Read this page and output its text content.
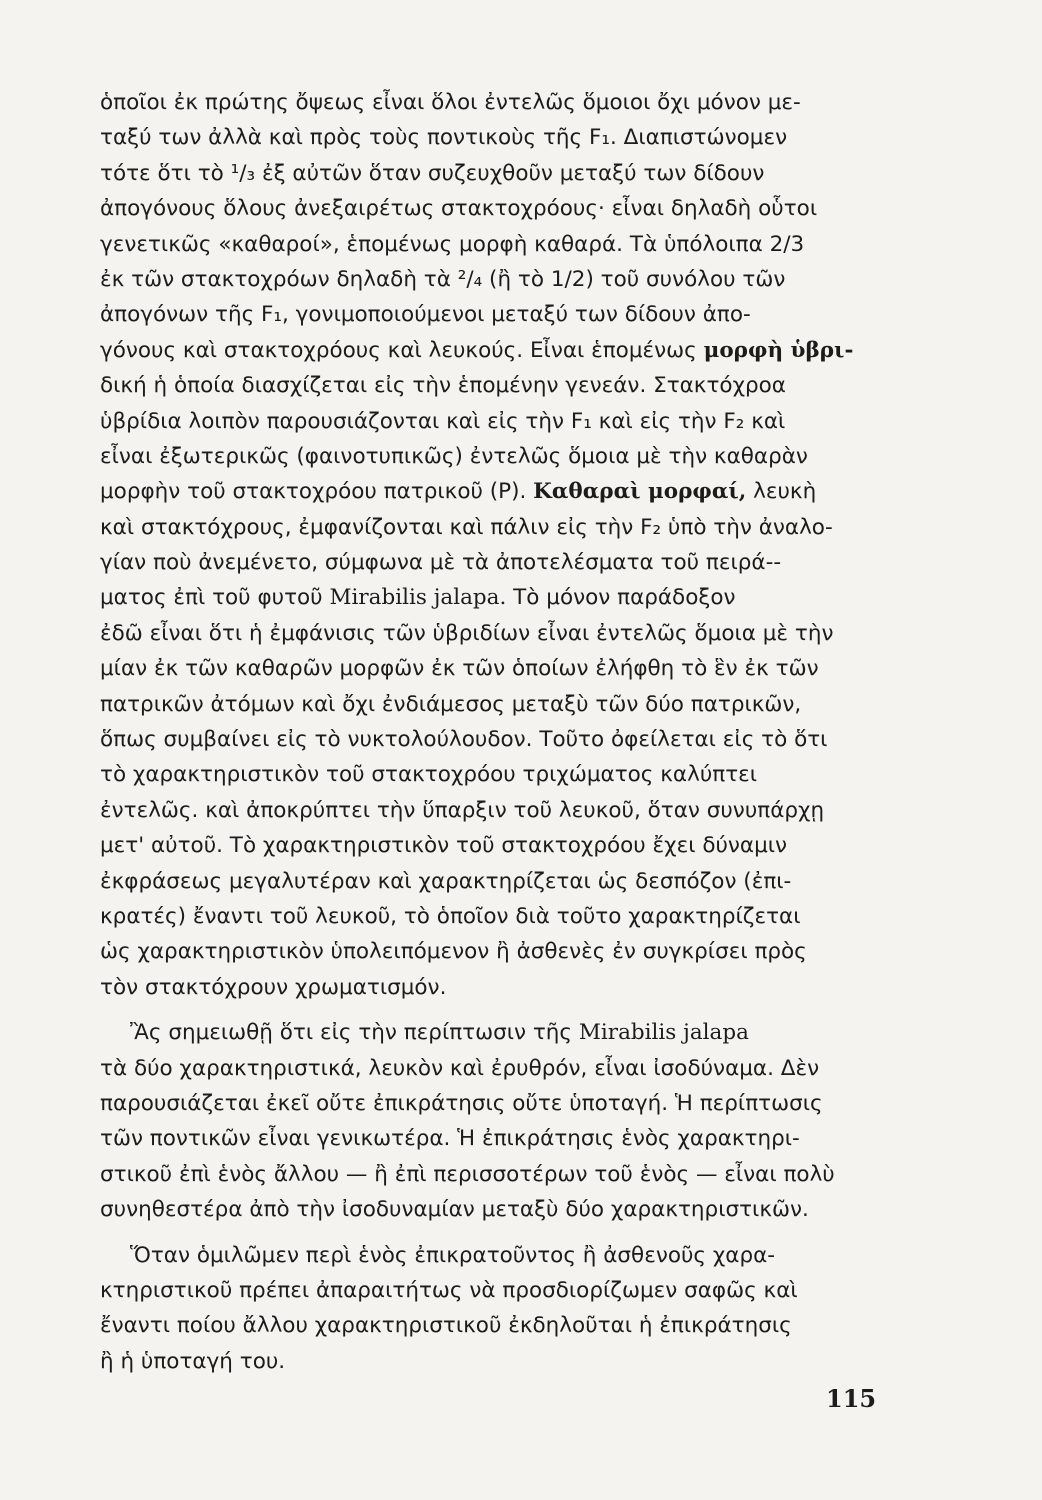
ὁποῖοι ἐκ πρώτης ὄψεως εἶναι ὅλοι ἐντελῶς ὅμοιοι ὄχι μόνον με-
ταξύ των ἀλλὰ καὶ πρὸς τοὺς ποντικοὺς τῆς F₁. Διαπιστώνομεν
τότε ὅτι τὸ ¹/₃ ἐξ αὐτῶν ὅταν συζευχθοῦν μεταξύ των δίδουν
ἀπογόνους ὅλους ἀνεξαιρέτως στακτοχρόους· εἶναι δηλαδὴ οὗτοι
γενετικῶς «καθαροί», ἑπομένως μορφὴ καθαρά. Τὰ ὑπόλοιπα 2/3
ἐκ τῶν στακτοχρόων δηλαδὴ τὰ ²/₄ (ἢ τὸ 1/2) τοῦ συνόλου τῶν
ἀπογόνων τῆς F₁, γονιμοποιούμενοι μεταξύ των δίδουν ἀπο-
γόνους καὶ στακτοχρόους καὶ λευκούς. Εἶναι ἑπομένως μορφὴ ὑβρι-
δική ἡ ὁποία διασχίζεται εἰς τὴν ἑπομένην γενεάν. Στακτόχροα
ὑβρίδια λοιπὸν παρουσιάζονται καὶ εἰς τὴν F₁ καὶ εἰς τὴν F₂ καὶ
εἶναι ἐξωτερικῶς (φαινοτυπικῶς) ἐντελῶς ὅμοια μὲ τὴν καθαρὰν
μορφὴν τοῦ στακτοχρόου πατρικοῦ (P). Καθαραὶ μορφαί, λευκὴ
καὶ στακτόχρους, ἐμφανίζονται καὶ πάλιν εἰς τὴν F₂ ὑπὸ τὴν ἀναλο-
γίαν ποὺ ἀνεμένετο, σύμφωνα μὲ τὰ ἀποτελέσματα τοῦ πειρά--
ματος ἐπὶ τοῦ φυτοῦ Mirabilis jalapa. Τὸ μόνον παράδοξον
ἐδῶ εἶναι ὅτι ἡ ἐμφάνισις τῶν ὑβριδίων εἶναι ἐντελῶς ὅμοια μὲ τὴν
μίαν ἐκ τῶν καθαρῶν μορφῶν ἐκ τῶν ὁποίων ἐλήφθη τὸ ἓν ἐκ τῶν
πατρικῶν ἀτόμων καὶ ὄχι ἐνδιάμεσος μεταξὺ τῶν δύο πατρικῶν,
ὅπως συμβαίνει εἰς τὸ νυκτολούλουδον. Τοῦτο ὀφείλεται εἰς τὸ ὅτι
τὸ χαρακτηριστικὸν τοῦ στακτοχρόου τριχώματος καλύπτει
ἐντελῶς. καὶ ἀποκρύπτει τὴν ὕπαρξιν τοῦ λευκοῦ, ὅταν συνυπάρχῃ
μετ' αὐτοῦ. Τὸ χαρακτηριστικὸν τοῦ στακτοχρόου ἔχει δύναμιν
ἐκφράσεως μεγαλυτέραν καὶ χαρακτηρίζεται ὡς δεσπόζον (ἐπι-
κρατές) ἔναντι τοῦ λευκοῦ, τὸ ὁποῖον διὰ τοῦτο χαρακτηρίζεται
ὡς χαρακτηριστικὸν ὑπολειπόμενον ἢ ἀσθενὲς ἐν συγκρίσει πρὸς
τὸν στακτόχρουν χρωματισμόν.
Ἂς σημειωθῇ ὅτι εἰς τὴν περίπτωσιν τῆς Mirabilis jalapa
τὰ δύο χαρακτηριστικά, λευκὸν καὶ ἐρυθρόν, εἶναι ἰσοδύναμα. Δὲν
παρουσιάζεται ἐκεῖ οὔτε ἐπικράτησις οὔτε ὑποταγή. Ἡ περίπτωσις
τῶν ποντικῶν εἶναι γενικωτέρα. Ἡ ἐπικράτησις ἑνὸς χαρακτηρι-
στικοῦ ἐπὶ ἑνὸς ἄλλου — ἢ ἐπὶ περισσοτέρων τοῦ ἑνὸς — εἶναι πολὺ
συνηθεστέρα ἀπὸ τὴν ἰσοδυναμίαν μεταξὺ δύο χαρακτηριστικῶν.
Ὅταν ὁμιλῶμεν περὶ ἑνὸς ἐπικρατοῦντος ἢ ἀσθενοῦς χαρα-
κτηριστικοῦ πρέπει ἀπαραιτήτως νὰ προσδιορίζωμεν σαφῶς καὶ
ἔναντι ποίου ἄλλου χαρακτηριστικοῦ ἐκδηλοῦται ἡ ἐπικράτησις
ἢ ἡ ὑποταγή του.
115
